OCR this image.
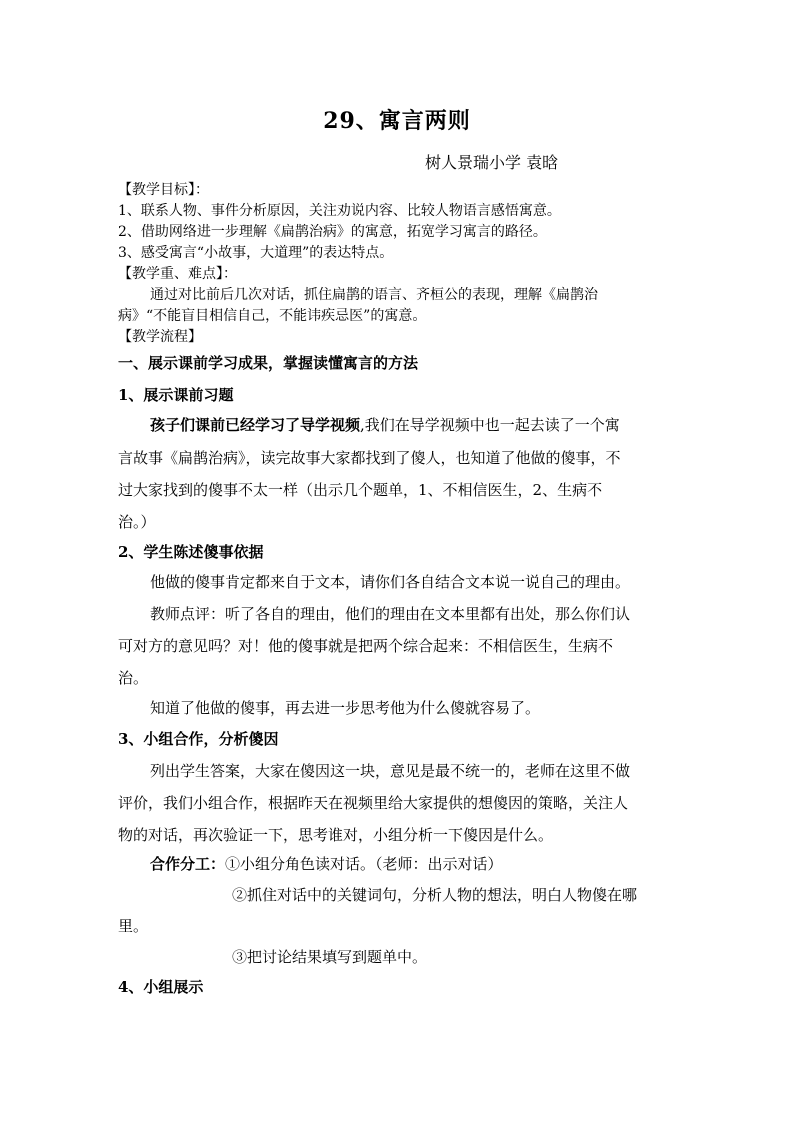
29、寓言两则
树人景瑞小学 袁晗
【教学目标】：
1、联系人物、事件分析原因，关注劝说内容、比较人物语言感悟寓意。
2、借助网络进一步理解《扁鹊治病》的寓意，拓宽学习寓言的路径。
3、感受寓言“小故事，大道理”的表达特点。
【教学重、难点】：
通过对比前后几次对话，抓住扁鹊的语言、齐桓公的表现，理解《扁鹊治
病》“不能盲目相信自己，不能讳疾忌医”的寓意。
【教学流程】
一、展示课前学习成果，掌握读懂寓言的方法
1、展示课前习题
孩子们课前已经学习了导学视频,我们在导学视频中也一起去读了一个寓
言故事《扁鹊治病》，读完故事大家都找到了傻人，也知道了他做的傻事，不
过大家找到的傻事不太一样（出示几个题单，1、不相信医生，2、生病不
治。）
2、学生陈述傻事依据
他做的傻事肯定都来自于文本，请你们各自结合文本说一说自己的理由。
教师点评：听了各自的理由，他们的理由在文本里都有出处，那么你们认
可对方的意见吗？对！他的傻事就是把两个综合起来：不相信医生，生病不
治。
知道了他做的傻事，再去进一步思考他为什么傻就容易了。
3、小组合作，分析傻因
列出学生答案，大家在傻因这一块，意见是最不统一的，老师在这里不做
评价，我们小组合作，根据昨天在视频里给大家提供的想傻因的策略，关注人
物的对话，再次验证一下，思考谁对，小组分析一下傻因是什么。
合作分工：①小组分角色读对话。（老师：出示对话）
②抓住对话中的关键词句，分析人物的想法，明白人物傻在哪
里。
③把讨论结果填写到题单中。
4、小组展示
